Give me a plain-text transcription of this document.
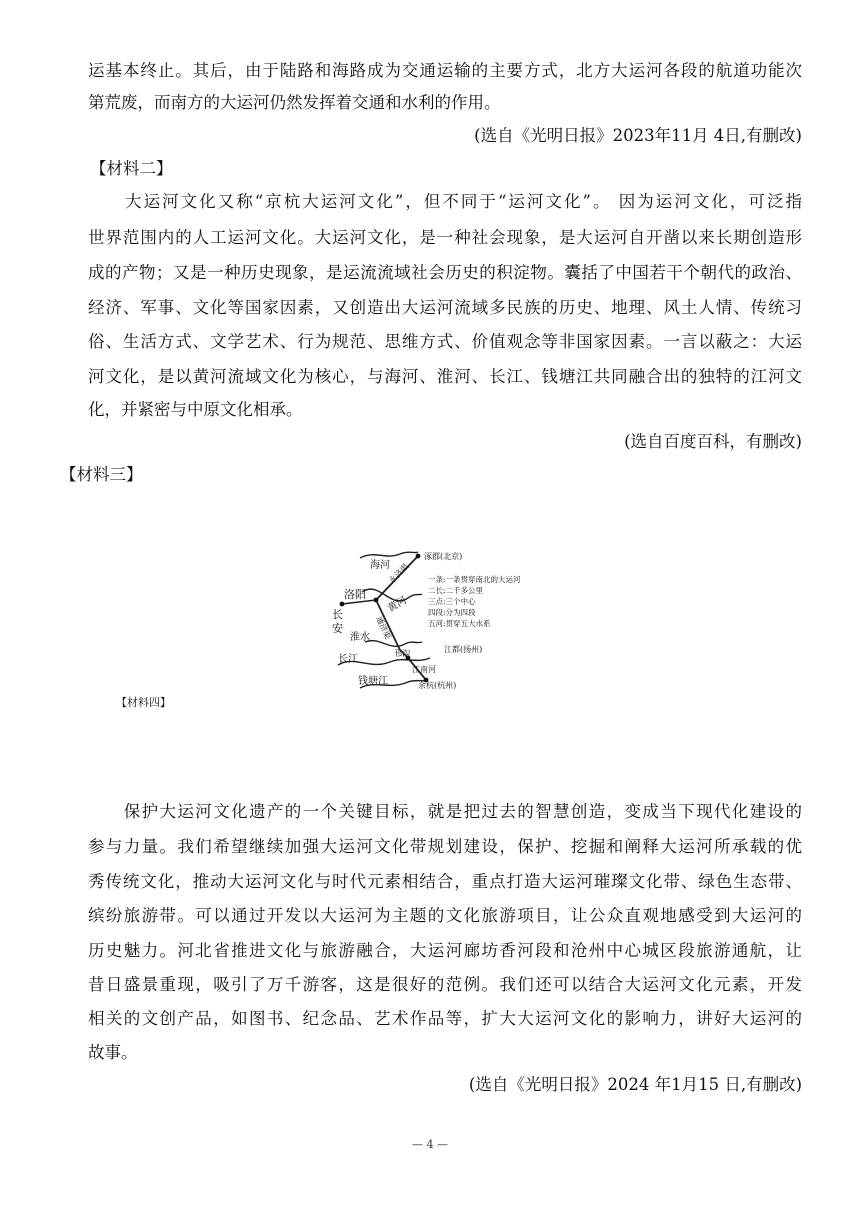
运基本终止。其后，由于陆路和海路成为交通运输的主要方式，北方大运河各段的航道功能次
第荒废，而南方的大运河仍然发挥着交通和水利的作用。
(选自《光明日报》2023年11月 4日,有删改)
【材料二】
　　大运河文化又称“京杭大运河文化”，但不同于“运河文化”。 因为运河文化，可泛指
世界范围内的人工运河文化。大运河文化，是一种社会现象，是大运河自开凿以来长期创造形
成的产物；又是一种历史现象，是运流流域社会历史的积淀物。囊括了中国若干个朝代的政治、
经济、军事、文化等国家因素，又创造出大运河流域多民族的历史、地理、风土人情、传统习
俗、生活方式、文学艺术、行为规范、思维方式、价值观念等非国家因素。一言以蔽之：大运
河文化，是以黄河流域文化为核心，与海河、淮河、长江、钱塘江共同融合出的独特的江河文
化，并紧密与中原文化相承。
(选自百度百科，有删改)
【材料三】
海河
涿郡(北京)
永济渠
洛阳
长
安
黄河
通济渠
淮水
邗沟
长江
江南河
钱塘江
江都(扬州)
余杭(杭州)
一条:一条贯穿南北的大运河
二长:二千多公里
三点:三个中心
四段:分为四段
五河:贯穿五大水系
【材料四】
　　保护大运河文化遗产的一个关键目标，就是把过去的智慧创造，变成当下现代化建设的
参与力量。我们希望继续加强大运河文化带规划建设，保护、挖掘和阐释大运河所承载的优
秀传统文化，推动大运河文化与时代元素相结合，重点打造大运河璀璨文化带、绿色生态带、
缤纷旅游带。可以通过开发以大运河为主题的文化旅游项目，让公众直观地感受到大运河的
历史魅力。河北省推进文化与旅游融合，大运河廊坊香河段和沧州中心城区段旅游通航，让
昔日盛景重现，吸引了万千游客，这是很好的范例。我们还可以结合大运河文化元素，开发
相关的文创产品，如图书、纪念品、艺术作品等，扩大大运河文化的影响力，讲好大运河的
故事。
(选自《光明日报》2024 年1月15 日,有删改)
— 4 —
